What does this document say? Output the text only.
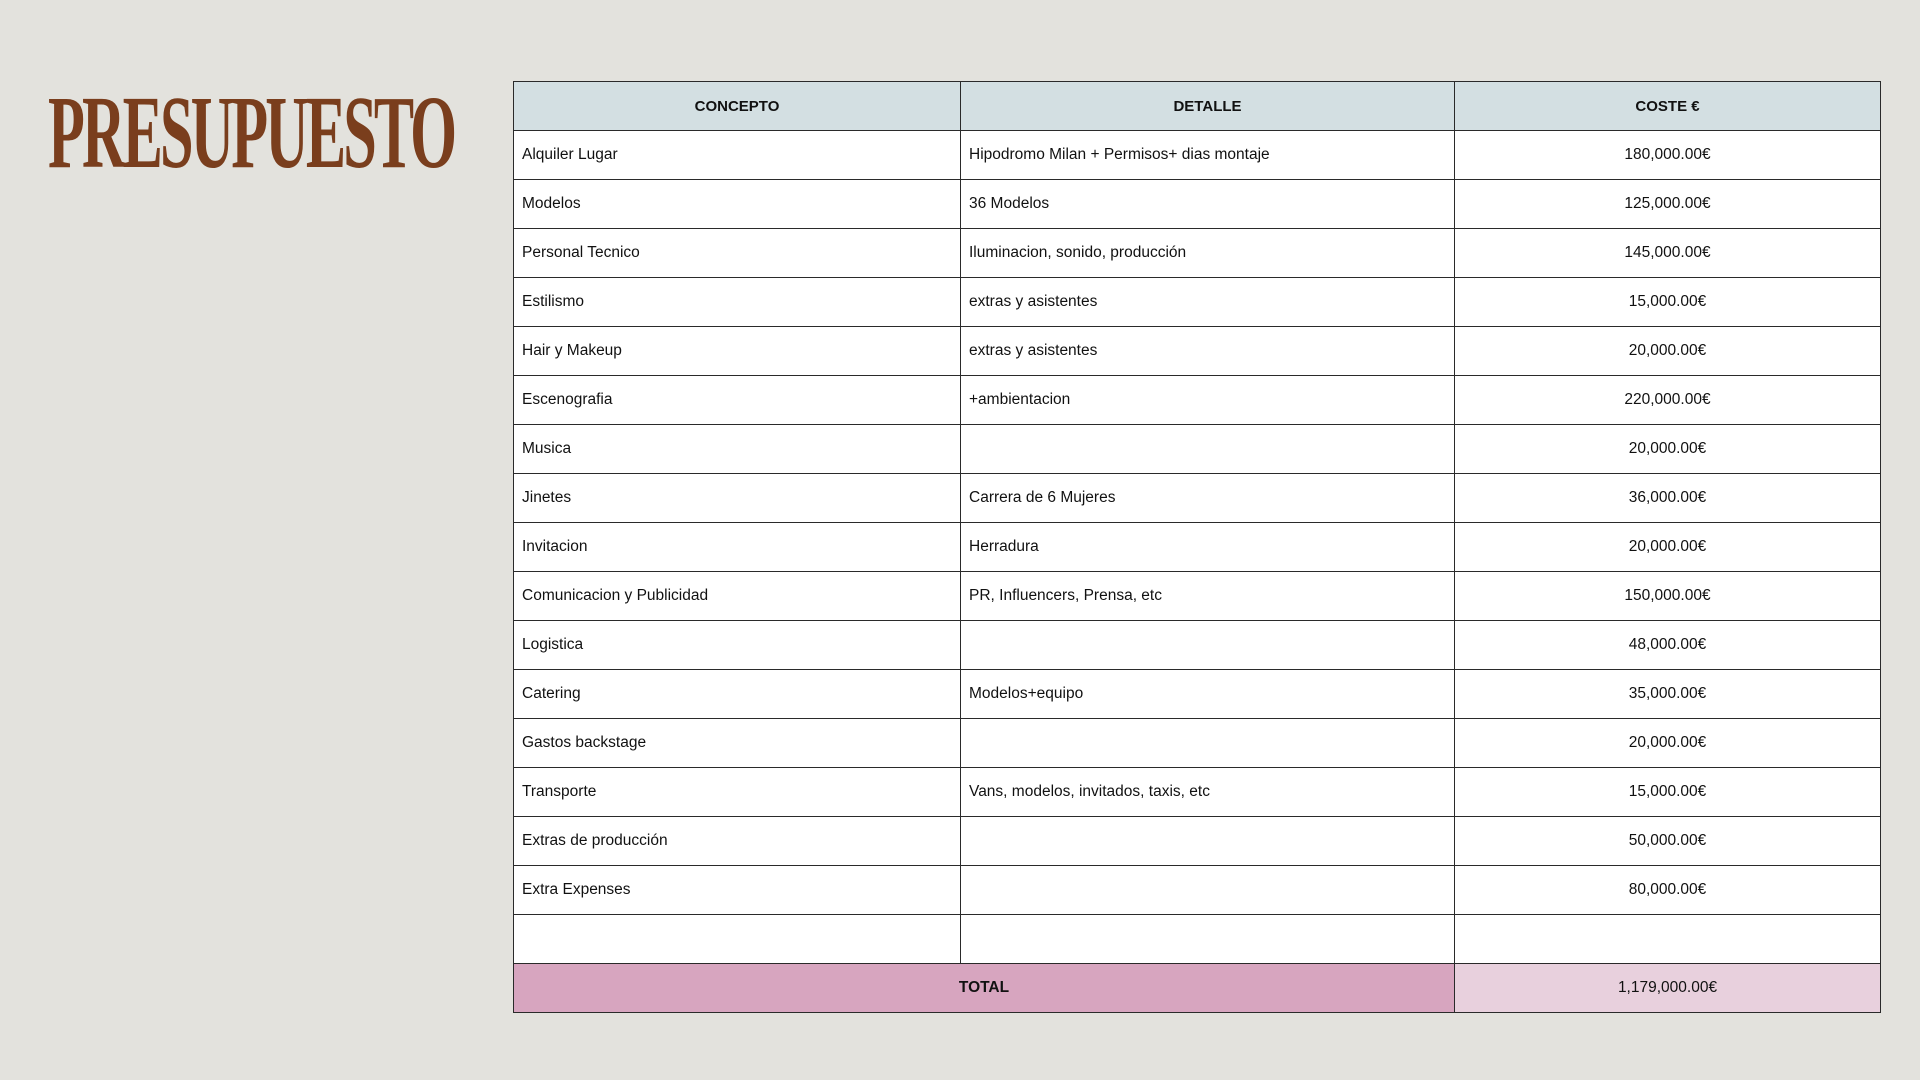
PRESUPUESTO	CONCEPTO	DETALLE	COSTE €
Alquiler Lugar	Hipodromo Milan + Permisos+ dias montaje	180,000.00€
Modelos	36 Modelos	125,000.00€
Personal Tecnico	Iluminacion, sonido, producción	145,000.00€
Estilismo	extras y asistentes	15,000.00€
Hair y Makeup	extras y asistentes	20,000.00€
Escenografia	+ambientacion	220,000.00€
Musica		20,000.00€
Jinetes	Carrera de 6 Mujeres	36,000.00€
Invitacion	Herradura	20,000.00€
Comunicacion y Publicidad	PR, Influencers, Prensa, etc	150,000.00€
Logistica		48,000.00€
Catering	Modelos+equipo	35,000.00€
Gastos backstage		20,000.00€
Transporte	Vans, modelos, invitados, taxis, etc	15,000.00€
Extras de producción		50,000.00€
Extra Expenses		80,000.00€

TOTAL		1,179,000.00€
